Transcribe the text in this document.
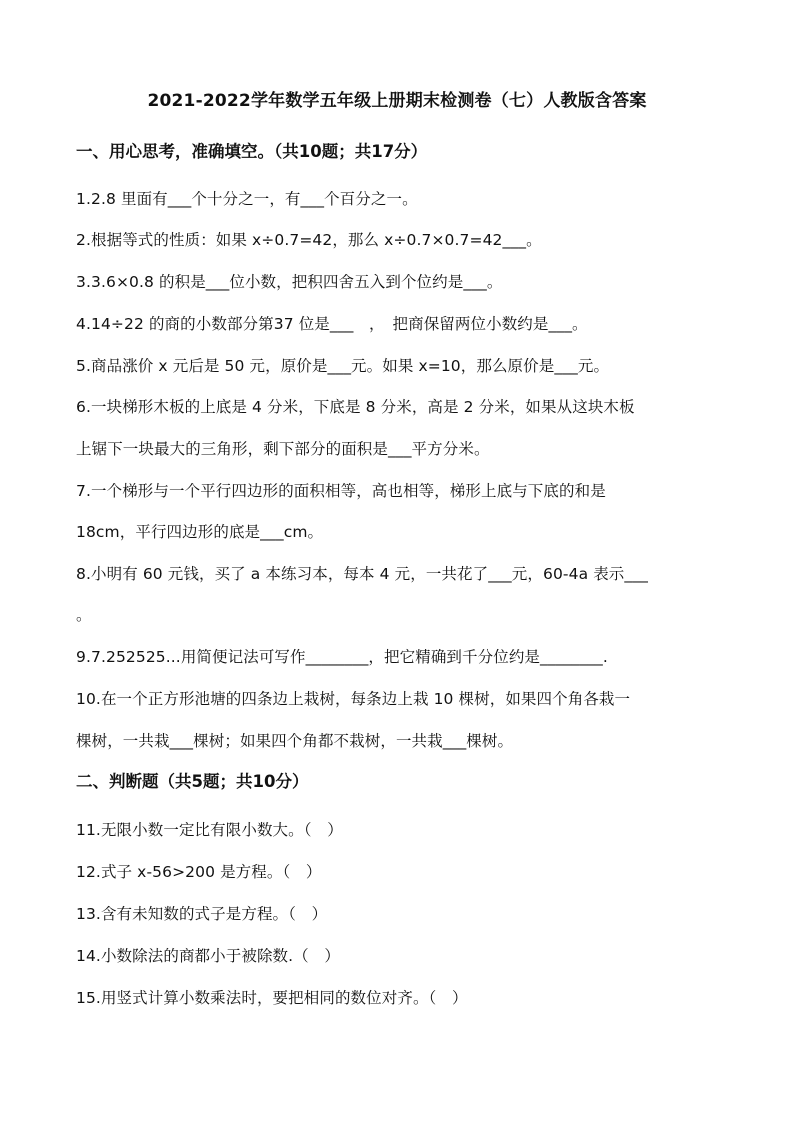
2021-2022学年数学五年级上册期末检测卷（七）人教版含答案
一、用心思考，准确填空。（共10题；共17分）
1.2.8 里面有___个十分之一，有___个百分之一。
2.根据等式的性质：如果 x÷0.7=42，那么 x÷0.7×0.7=42___。
3.3.6×0.8 的积是___位小数，把积四舍五入到个位约是___。
4.14÷22 的商的小数部分第37 位是___　，　把商保留两位小数约是___。
5.商品涨价 x 元后是 50 元，原价是___元。如果 x=10，那么原价是___元。
6.一块梯形木板的上底是 4 分米，下底是 8 分米，高是 2 分米，如果从这块木板
上锯下一块最大的三角形，剩下部分的面积是___平方分米。
7.一个梯形与一个平行四边形的面积相等，高也相等，梯形上底与下底的和是
18cm，平行四边形的底是___cm。
8.小明有 60 元钱，买了 a 本练习本，每本 4 元，一共花了___元，60-4a 表示___
。
9.7.252525...用简便记法可写作________，把它精确到千分位约是________.
10.在一个正方形池塘的四条边上栽树，每条边上栽 10 棵树，如果四个角各栽一
棵树，一共栽___棵树；如果四个角都不栽树，一共栽___棵树。
二、判断题（共5题；共10分）
11.无限小数一定比有限小数大。（　）
12.式子 x-56>200 是方程。（　）
13.含有未知数的式子是方程。（　）
14.小数除法的商都小于被除数.（　）
15.用竖式计算小数乘法时，要把相同的数位对齐。（　）
